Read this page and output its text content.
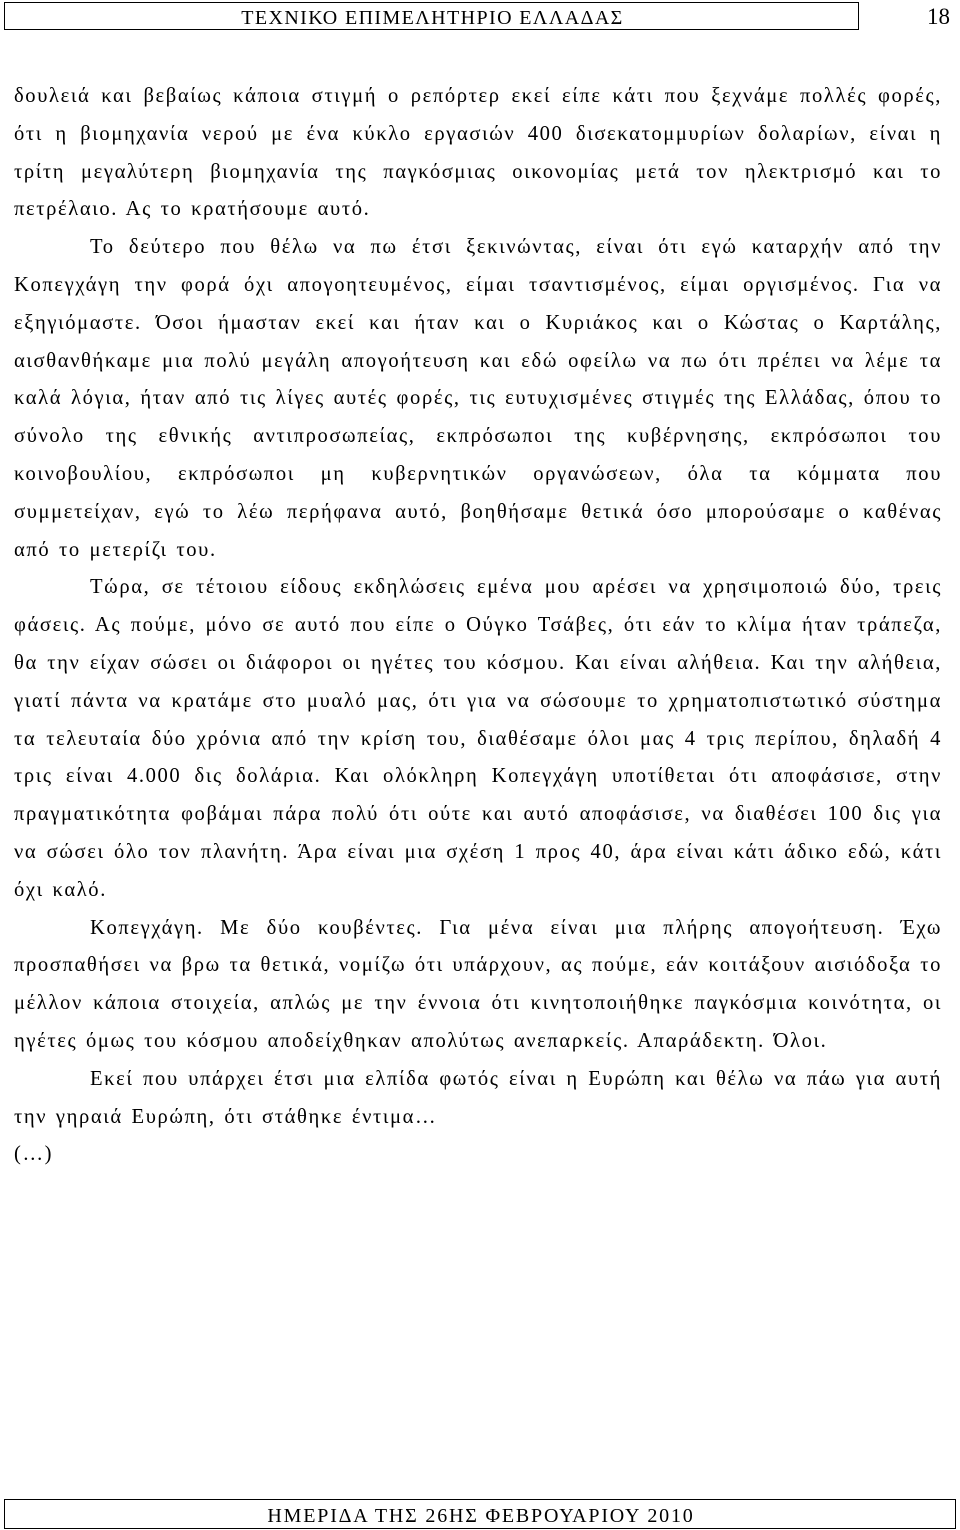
ΤΕΧΝΙΚΟ ΕΠΙΜΕΛΗΤΗΡΙΟ ΕΛΛΑΔΑΣ	18

δουλειά και βεβαίως κάποια στιγμή ο ρεπόρτερ εκεί είπε κάτι που ξεχνάμε πολλές φορές, ότι η βιομηχανία νερού με ένα κύκλο εργασιών 400 δισεκατομμυρίων δολαρίων, είναι η τρίτη μεγαλύτερη βιομηχανία της παγκόσμιας οικονομίας μετά τον ηλεκτρισμό και το πετρέλαιο. Ας το κρατήσουμε αυτό.

Το δεύτερο που θέλω να πω έτσι ξεκινώντας, είναι ότι εγώ καταρχήν από την Κοπεγχάγη την φορά όχι απογοητευμένος, είμαι τσαντισμένος, είμαι οργισμένος. Για να εξηγιόμαστε. Όσοι ήμασταν εκεί και ήταν και ο Κυριάκος και ο Κώστας ο Καρτάλης, αισθανθήκαμε μια πολύ μεγάλη απογοήτευση και εδώ οφείλω να πω ότι πρέπει να λέμε τα καλά λόγια, ήταν από τις λίγες αυτές φορές, τις ευτυχισμένες στιγμές της Ελλάδας, όπου το σύνολο της εθνικής αντιπροσωπείας, εκπρόσωποι της κυβέρνησης, εκπρόσωποι του κοινοβουλίου, εκπρόσωποι μη κυβερνητικών οργανώσεων, όλα τα κόμματα που συμμετείχαν, εγώ το λέω περήφανα αυτό, βοηθήσαμε θετικά όσο μπορούσαμε ο καθένας από το μετερίζι του.

Τώρα, σε τέτοιου είδους εκδηλώσεις εμένα μου αρέσει να χρησιμοποιώ δύο, τρεις φάσεις. Ας πούμε, μόνο σε αυτό που είπε ο Ούγκο Τσάβες, ότι εάν το κλίμα ήταν τράπεζα, θα την είχαν σώσει οι διάφοροι οι ηγέτες του κόσμου. Και είναι αλήθεια. Και την αλήθεια, γιατί πάντα να κρατάμε στο μυαλό μας, ότι για να σώσουμε το χρηματοπιστωτικό σύστημα τα τελευταία δύο χρόνια από την κρίση του, διαθέσαμε όλοι μας 4 τρις περίπου, δηλαδή 4 τρις είναι 4.000 δις δολάρια. Και ολόκληρη Κοπεγχάγη υποτίθεται ότι αποφάσισε, στην πραγματικότητα φοβάμαι πάρα πολύ ότι ούτε και αυτό αποφάσισε, να διαθέσει 100 δις για να σώσει όλο τον πλανήτη. Άρα είναι μια σχέση 1 προς 40, άρα είναι κάτι άδικο εδώ, κάτι όχι καλό.

Κοπεγχάγη. Με δύο κουβέντες. Για μένα είναι μια πλήρης απογοήτευση. Έχω προσπαθήσει να βρω τα θετικά, νομίζω ότι υπάρχουν, ας πούμε, εάν κοιτάξουν αισιόδοξα το μέλλον κάποια στοιχεία, απλώς με την έννοια ότι κινητοποιήθηκε παγκόσμια κοινότητα, οι ηγέτες όμως του κόσμου αποδείχθηκαν απολύτως ανεπαρκείς. Απαράδεκτη. Όλοι.

Εκεί που υπάρχει έτσι μια ελπίδα φωτός είναι η Ευρώπη και θέλω να πάω για αυτή την γηραιά Ευρώπη, ότι στάθηκε έντιμα…

(…)

ΗΜΕΡΙΔΑ ΤΗΣ 26ΗΣ ΦΕΒΡΟΥΑΡΙΟΥ 2010
